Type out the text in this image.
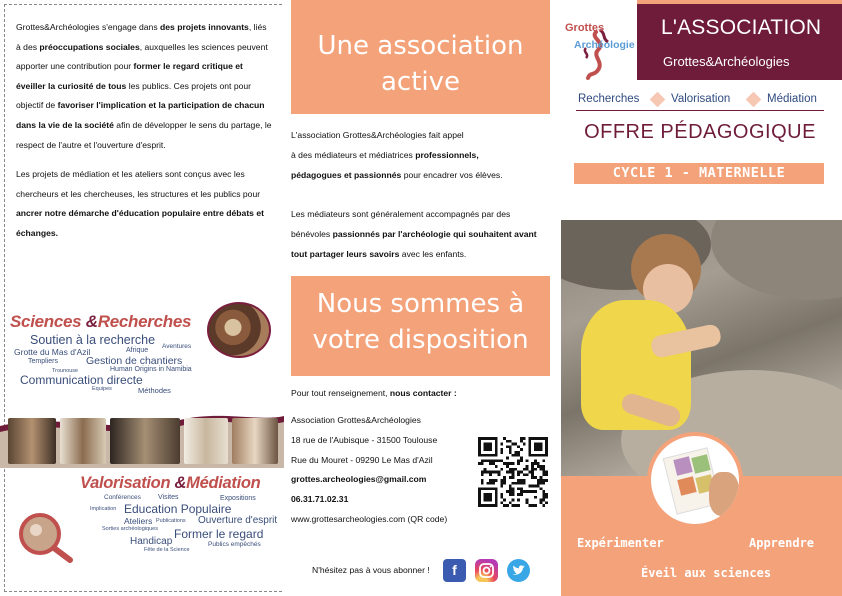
Grottes&Archéologies s'engage dans des projets innovants, liés à des préoccupations sociales, auxquelles les sciences peuvent apporter une contribution pour former le regard critique et éveiller la curiosité de tous les publics. Ces projets ont pour objectif de favoriser l'implication et la participation de chacun dans la vie de la société afin de développer le sens du partage, le respect de l'autre et l'ouverture d'esprit.

Les projets de médiation et les ateliers sont conçus avec les chercheurs et les chercheuses, les structures et les publics pour ancrer notre démarche d'éducation populaire entre débats et échanges.

Sciences &Recherches
Soutien à la recherche Aventures
Grotte du Mas d'Azil	Afrique
Templiers	Gestion de chantiers
Trounouse	Human Origins in Namibia
Communication directe
Equipes	Méthodes
Valorisation &Médiation
Conférences Visites	Expositions
Implication Education Populaire
Ateliers Publications Ouverture d'esprit
Sorties archéologiques Former le regard
Handicap	Publics empêchés
Fête de la Science
Une association
active
L'association Grottes&Archéologies fait appel
à des médiateurs et médiatrices professionnels,
pédagogues et passionnés pour encadrer vos élèves.
Les médiateurs sont généralement accompagnés par des bénévoles passionnés par l'archéologie qui souhaitent avant tout partager leurs savoirs avec les enfants.
Nous sommes à
votre disposition
Pour tout renseignement, nous contacter :
Association Grottes&Archéologies
18 rue de l'Aubisque - 31500 Toulouse
Rue du Mouret - 09290 Le Mas d'Azil
grottes.archeologies@gmail.com
06.31.71.02.31
www.grottesarcheologies.com (QR code)
N'hésitez pas à vous abonner !	f
Grottes
Archéologie
L'ASSOCIATION
Grottes&Archéologies
Recherches	Valorisation	Médiation
OFFRE PÉDAGOGIQUE
CYCLE 1 - MATERNELLE
Expérimenter	Apprendre
Éveil aux sciences
